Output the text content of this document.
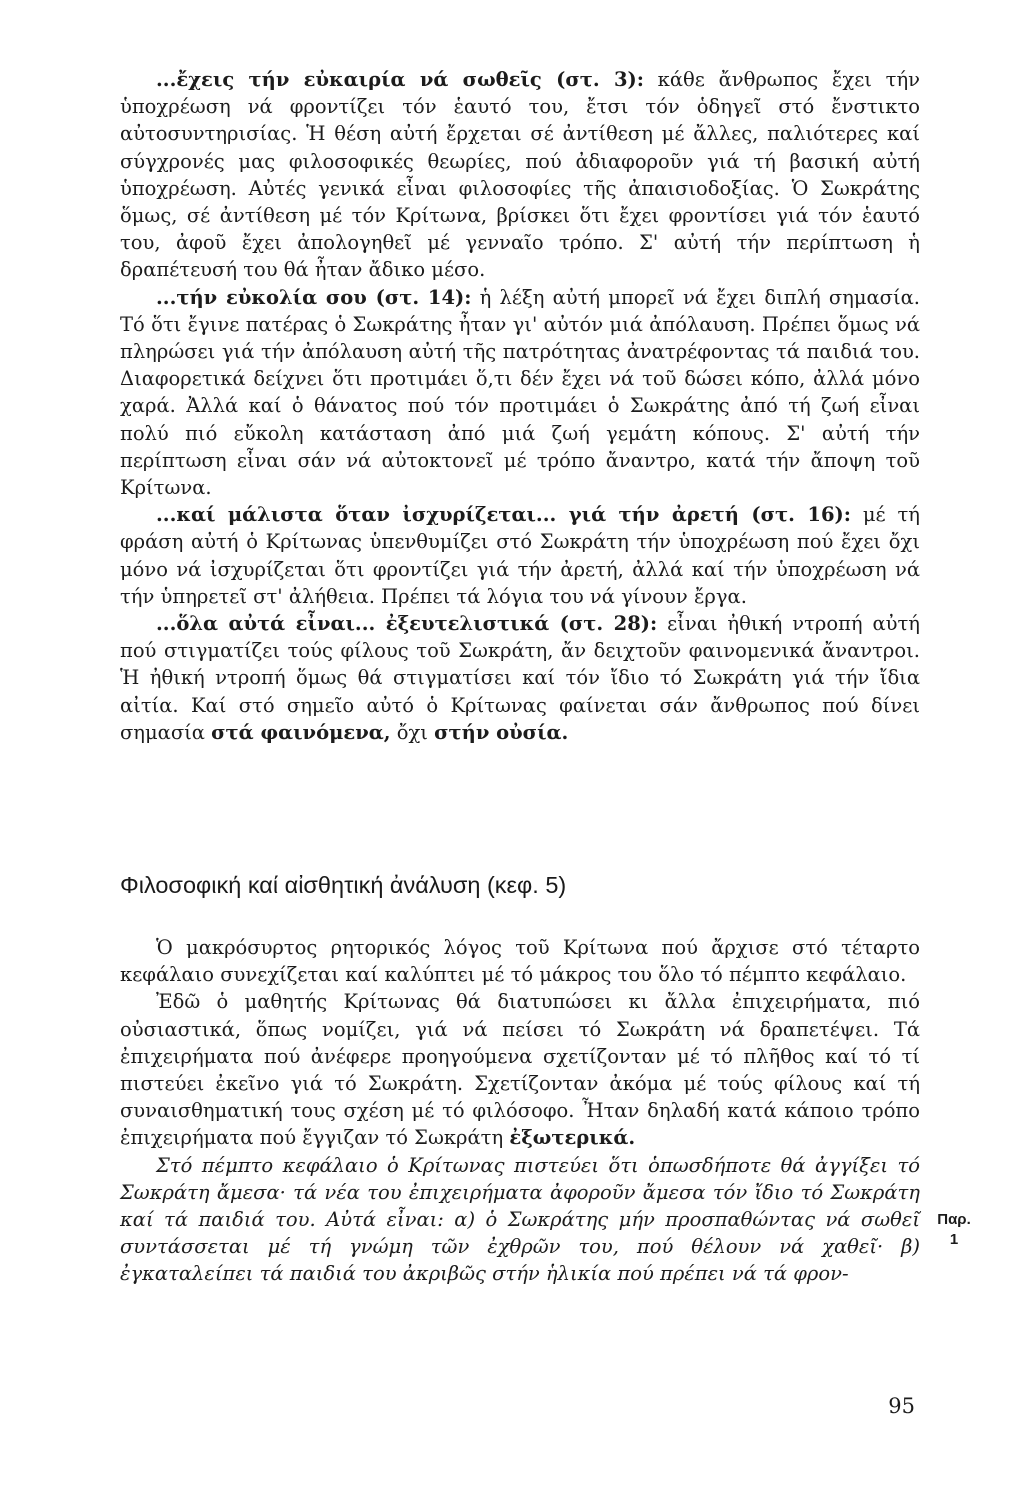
...ἔχεις τήν εὐκαιρία νά σωθεῖς (στ. 3): κάθε ἄνθρωπος ἔχει τήν ὑποχρέωση νά φροντίζει τόν ἑαυτό του, ἔτσι τόν ὁδηγεῖ στό ἔνστικτο αὐτοσυντηρισίας. Ἡ θέση αὐτή ἔρχεται σέ ἀντίθεση μέ ἄλλες, παλιότερες καί σύγχρονές μας φιλοσοφικές θεωρίες, πού ἀδιαφοροῦν γιά τή βασική αὐτή ὑποχρέωση. Αὐτές γενικά εἶναι φιλοσοφίες τῆς ἀπαισιοδοξίας. Ὁ Σωκράτης ὅμως, σέ ἀντίθεση μέ τόν Κρίτωνα, βρίσκει ὅτι ἔχει φροντίσει γιά τόν ἑαυτό του, ἀφοῦ ἔχει ἀπολογηθεῖ μέ γενναῖο τρόπο. Σ' αὐτή τήν περίπτωση ἡ δραπέτευσή του θά ἦταν ἄδικο μέσο.

...τήν εὐκολία σου (στ. 14): ἡ λέξη αὐτή μπορεῖ νά ἔχει διπλή σημασία. Τό ὅτι ἔγινε πατέρας ὁ Σωκράτης ἦταν γι' αὐτόν μιά ἀπόλαυση. Πρέπει ὅμως νά πληρώσει γιά τήν ἀπόλαυση αὐτή τῆς πατρότητας ἀνατρέφοντας τά παιδιά του. Διαφορετικά δείχνει ὅτι προτιμάει ὅ,τι δέν ἔχει νά τοῦ δώσει κόπο, ἀλλά μόνο χαρά. Ἀλλά καί ὁ θάνατος πού τόν προτιμάει ὁ Σωκράτης ἀπό τή ζωή εἶναι πολύ πιό εὔκολη κατάσταση ἀπό μιά ζωή γεμάτη κόπους. Σ' αὐτή τήν περίπτωση εἶναι σάν νά αὐτοκτονεῖ μέ τρόπο ἄναντρο, κατά τήν ἄποψη τοῦ Κρίτωνα.

...καί μάλιστα ὅταν ἰσχυρίζεται... γιά τήν ἀρετή (στ. 16): μέ τή φράση αὐτή ὁ Κρίτωνας ὑπενθυμίζει στό Σωκράτη τήν ὑποχρέωση πού ἔχει ὄχι μόνο νά ἰσχυρίζεται ὅτι φροντίζει γιά τήν ἀρετή, ἀλλά καί τήν ὑποχρέωση νά τήν ὑπηρετεῖ στ' ἀλήθεια. Πρέπει τά λόγια του νά γίνουν ἔργα.

...ὅλα αὐτά εἶναι... ἐξευτελιστικά (στ. 28): εἶναι ἠθική ντροπή αὐτή πού στιγματίζει τούς φίλους τοῦ Σωκράτη, ἄν δειχτοῦν φαινομενικά ἄναντροι. Ἡ ἠθική ντροπή ὅμως θά στιγματίσει καί τόν ἴδιο τό Σωκράτη γιά τήν ἴδια αἰτία. Καί στό σημεῖο αὐτό ὁ Κρίτωνας φαίνεται σάν ἄνθρωπος πού δίνει σημασία στά φαινόμενα, ὄχι στήν οὐσία.

Φιλοσοφική καί αἰσθητική ἀνάλυση (κεφ. 5)

Ὁ μακρόσυρτος ρητορικός λόγος τοῦ Κρίτωνα πού ἄρχισε στό τέταρτο κεφάλαιο συνεχίζεται καί καλύπτει μέ τό μάκρος του ὅλο τό πέμπτο κεφάλαιο.

Ἐδῶ ὁ μαθητής Κρίτωνας θά διατυπώσει κι ἄλλα ἐπιχειρήματα, πιό οὐσιαστικά, ὅπως νομίζει, γιά νά πείσει τό Σωκράτη νά δραπετέψει. Τά ἐπιχειρήματα πού ἀνέφερε προηγούμενα σχετίζονταν μέ τό πλῆθος καί τό τί πιστεύει ἐκεῖνο γιά τό Σωκράτη. Σχετίζονταν ἀκόμα μέ τούς φίλους καί τή συναισθηματική τους σχέση μέ τό φιλόσοφο. Ἦταν δηλαδή κατά κάποιο τρόπο ἐπιχειρήματα πού ἔγγιζαν τό Σωκράτη ἐξωτερικά.

Στό πέμπτο κεφάλαιο ὁ Κρίτωνας πιστεύει ὅτι ὁπωσδήποτε θά ἀγγίξει τό Σωκράτη ἄμεσα· τά νέα του ἐπιχειρήματα ἀφοροῦν ἄμεσα τόν ἴδιο τό Σωκράτη καί τά παιδιά του. Αὐτά εἶναι: α) ὁ Σωκράτης μήν προσπαθώντας νά σωθεῖ συντάσσεται μέ τή γνώμη τῶν ἐχθρῶν του, πού θέλουν νά χαθεῖ· β) ἐγκαταλείπει τά παιδιά του ἀκριβῶς στήν ἡλικία πού πρέπει νά τά φρον-

Παρ.
1
95
